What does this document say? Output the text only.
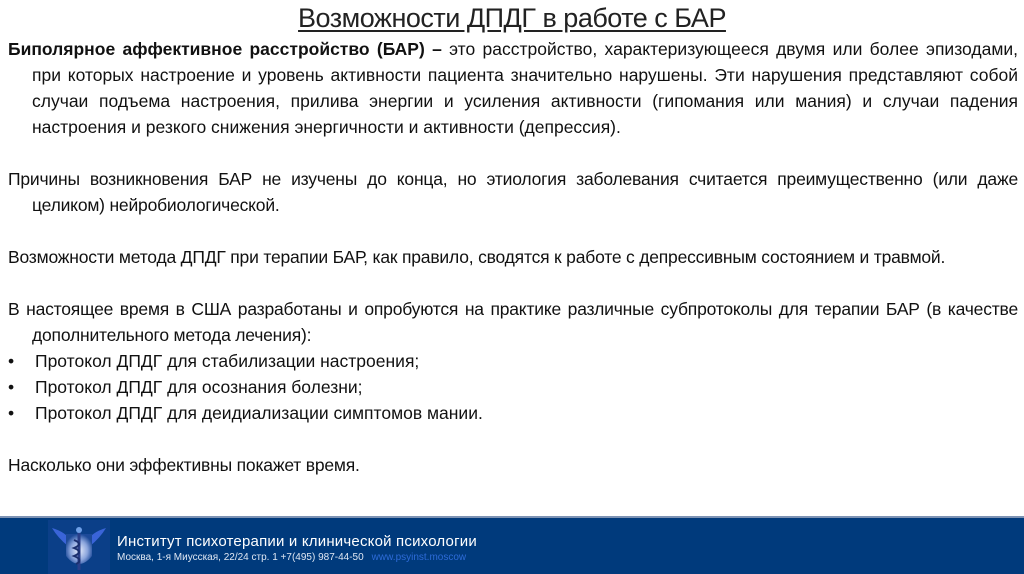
Возможности ДПДГ в работе с БАР

Биполярное аффективное расстройство (БАР) – это расстройство, характеризующееся двумя или более эпизодами, при которых настроение и уровень активности пациента значительно нарушены. Эти нарушения представляют собой случаи подъема настроения, прилива энергии и усиления активности (гипомания или мания) и случаи падения настроения и резкого снижения энергичности и активности (депрессия).

Причины возникновения БАР не изучены до конца, но этиология заболевания считается преимущественно (или даже целиком) нейробиологической.

Возможности метода ДПДГ при терапии БАР, как правило, сводятся к работе с депрессивным состоянием и травмой.

В настоящее время в США разработаны и опробуются на практике различные субпротоколы для терапии БАР (в качестве дополнительного метода лечения):

• Протокол ДПДГ для стабилизации настроения;
• Протокол ДПДГ для осознания болезни;
• Протокол ДПДГ для деидиализации симптомов мании.

Насколько они эффективны покажет время.

Институт психотерапии и клинической психологии
Москва, 1-я Миусская, 22/24 стр. 1 +7(495) 987-44-50 www.psyinst.moscow
